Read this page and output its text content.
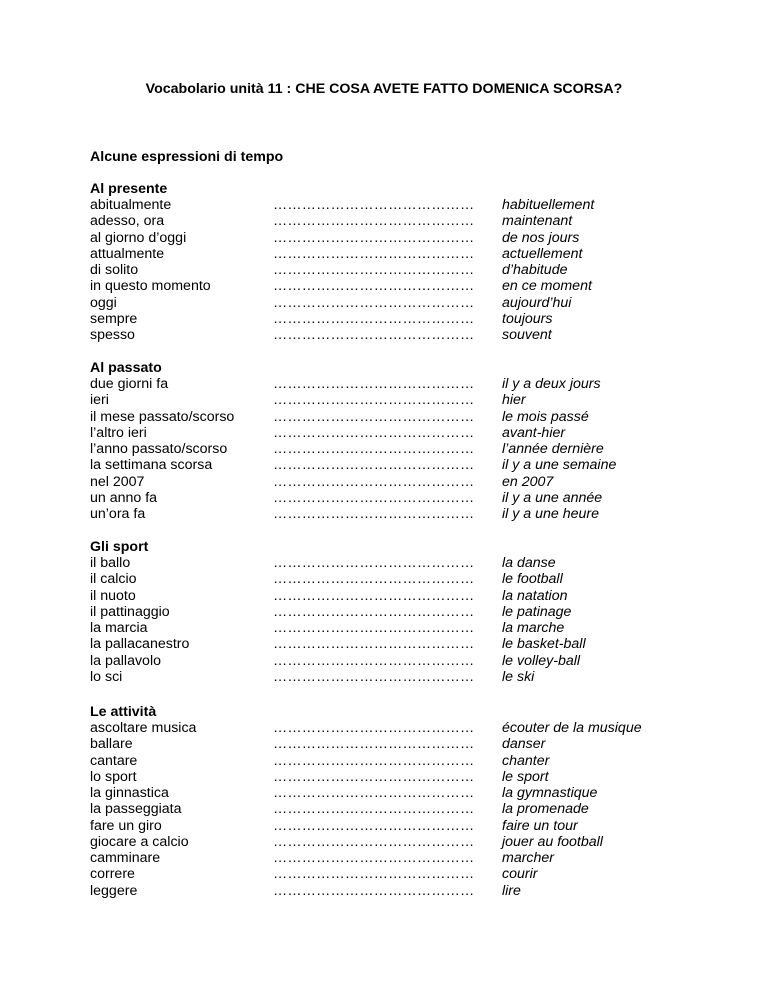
Vocabolario unità 11 : CHE COSA AVETE FATTO DOMENICA SCORSA?
Alcune espressioni di tempo
Al presente
abitualmente	…………………………………… habituellement
adesso, ora	…………………………………… maintenant
al giorno d’oggi	…………………………………… de nos jours
attualmente	…………………………………… actuellement
di solito	…………………………………… d’habitude
in questo momento	…………………………………… en ce moment
oggi	…………………………………… aujourd’hui
sempre	…………………………………… toujours
spesso	…………………………………… souvent
Al passato
due giorni fa	…………………………………… il y a deux jours
ieri	…………………………………… hier
il mese passato/scorso	…………………………………… le mois passé
l’altro ieri	…………………………………… avant-hier
l’anno passato/scorso	…………………………………… l’année dernière
la settimana scorsa	…………………………………… il y a une semaine
nel 2007	…………………………………… en 2007
un anno fa	…………………………………… il y a une année
un’ora fa	…………………………………… il y a une heure
Gli sport
il ballo	…………………………………… la danse
il calcio	…………………………………… le football
il nuoto	…………………………………… la natation
il pattinaggio	…………………………………… le patinage
la marcia	…………………………………… la marche
la pallacanestro	…………………………………… le basket-ball
la pallavolo	…………………………………… le volley-ball
lo sci	…………………………………… le ski
Le attività
ascoltare musica	…………………………………… écouter de la musique
ballare	…………………………………… danser
cantare	…………………………………… chanter
lo sport	…………………………………… le sport
la ginnastica	…………………………………… la gymnastique
la passeggiata	…………………………………… la promenade
fare un giro	…………………………………… faire un tour
giocare a calcio	…………………………………… jouer au football
camminare	…………………………………… marcher
correre	…………………………………… courir
leggere	…………………………………… lire
